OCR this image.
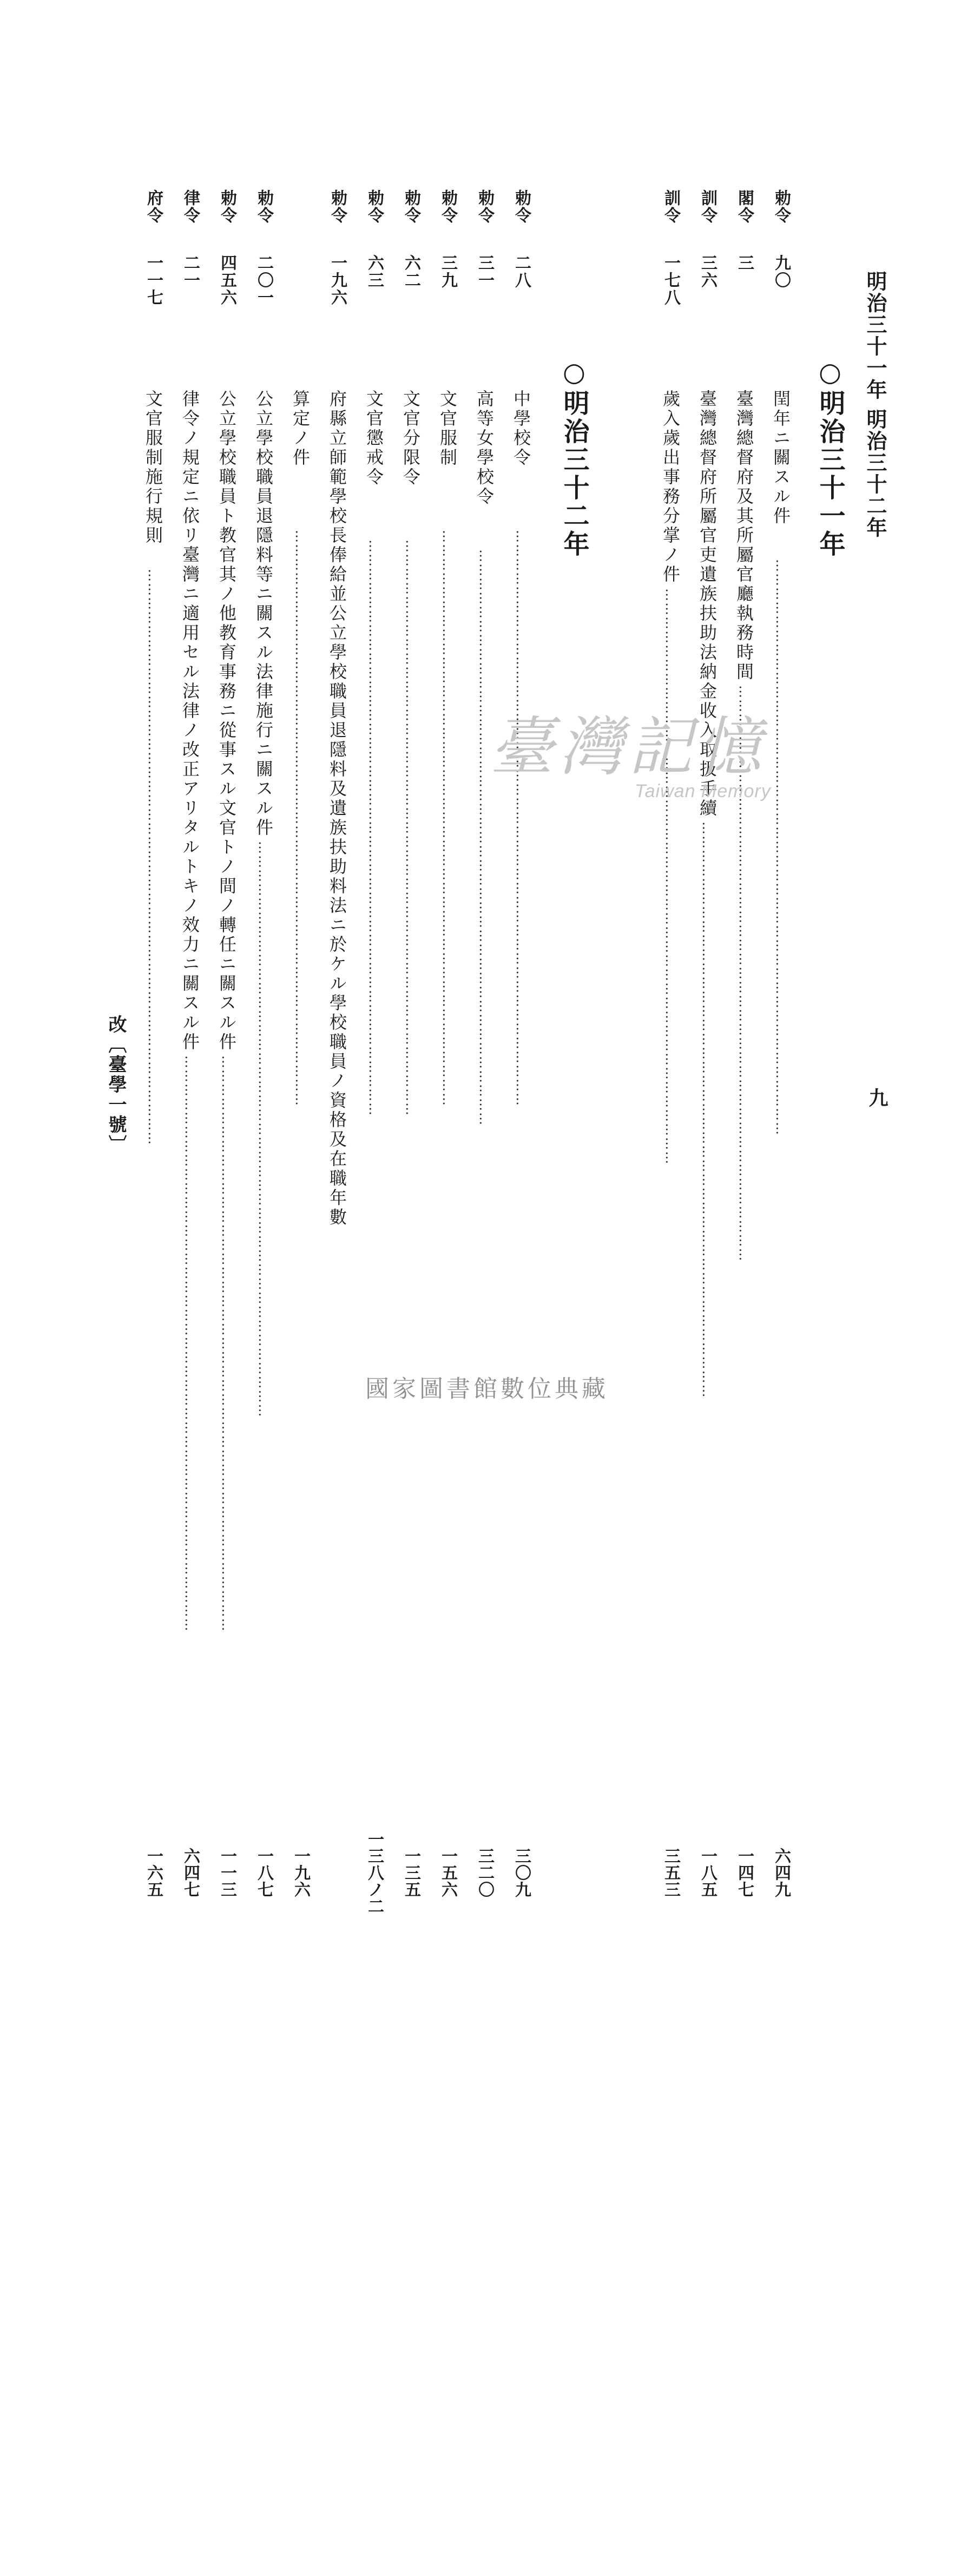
明治三十一年 明治三十二年
九
○明治三十一年
○明治三十二年
勅令
九〇
閏年ニ關スル件
……………………………………………………………………………………………………………
六四九
閣令
三
臺灣總督府及其所屬官廳執務時間
……………………………………………………………………………………………………………
一四七
訓令
三六
臺灣總督府所屬官吏遺族扶助法納金收入取扱手續
……………………………………………………………………………………………………………
一八五
訓令
一七八
歲入歲出事務分掌ノ件
……………………………………………………………………………………………………………
三五三
勅令
二八
中學校令
……………………………………………………………………………………………………………
三〇九
勅令
三一
高等女學校令
……………………………………………………………………………………………………………
三二〇
勅令
三九
文官服制
……………………………………………………………………………………………………………
一五六
勅令
六二
文官分限令
……………………………………………………………………………………………………………
一三五
勅令
六三
文官懲戒令
……………………………………………………………………………………………………………
一三八ノ二
勅令
一九六
府縣立師範學校長俸給並公立學校職員退隱料及遺族扶助料法ニ於ケル學校職員ノ資格及在職年數
算定ノ件
……………………………………………………………………………………………………………
一九六
勅令
二〇一
公立學校職員退隱料等ニ關スル法律施行ニ關スル件
……………………………………………………………………………………………………………
一八七
勅令
四五六
公立學校職員ト教官其ノ他教育事務ニ從事スル文官トノ間ノ轉任ニ關スル件
……………………………………………………………………………………………………………
一一三
律令
二一
律令ノ規定ニ依リ臺灣ニ適用セル法律ノ改正アリタルトキノ效力ニ關スル件
……………………………………………………………………………………………………………
六四七
府令
一一七
文官服制施行規則
……………………………………………………………………………………………………………
一六五
改〔臺學一號〕
臺灣記憶
Taiwan Memory
國家圖書館數位典藏
